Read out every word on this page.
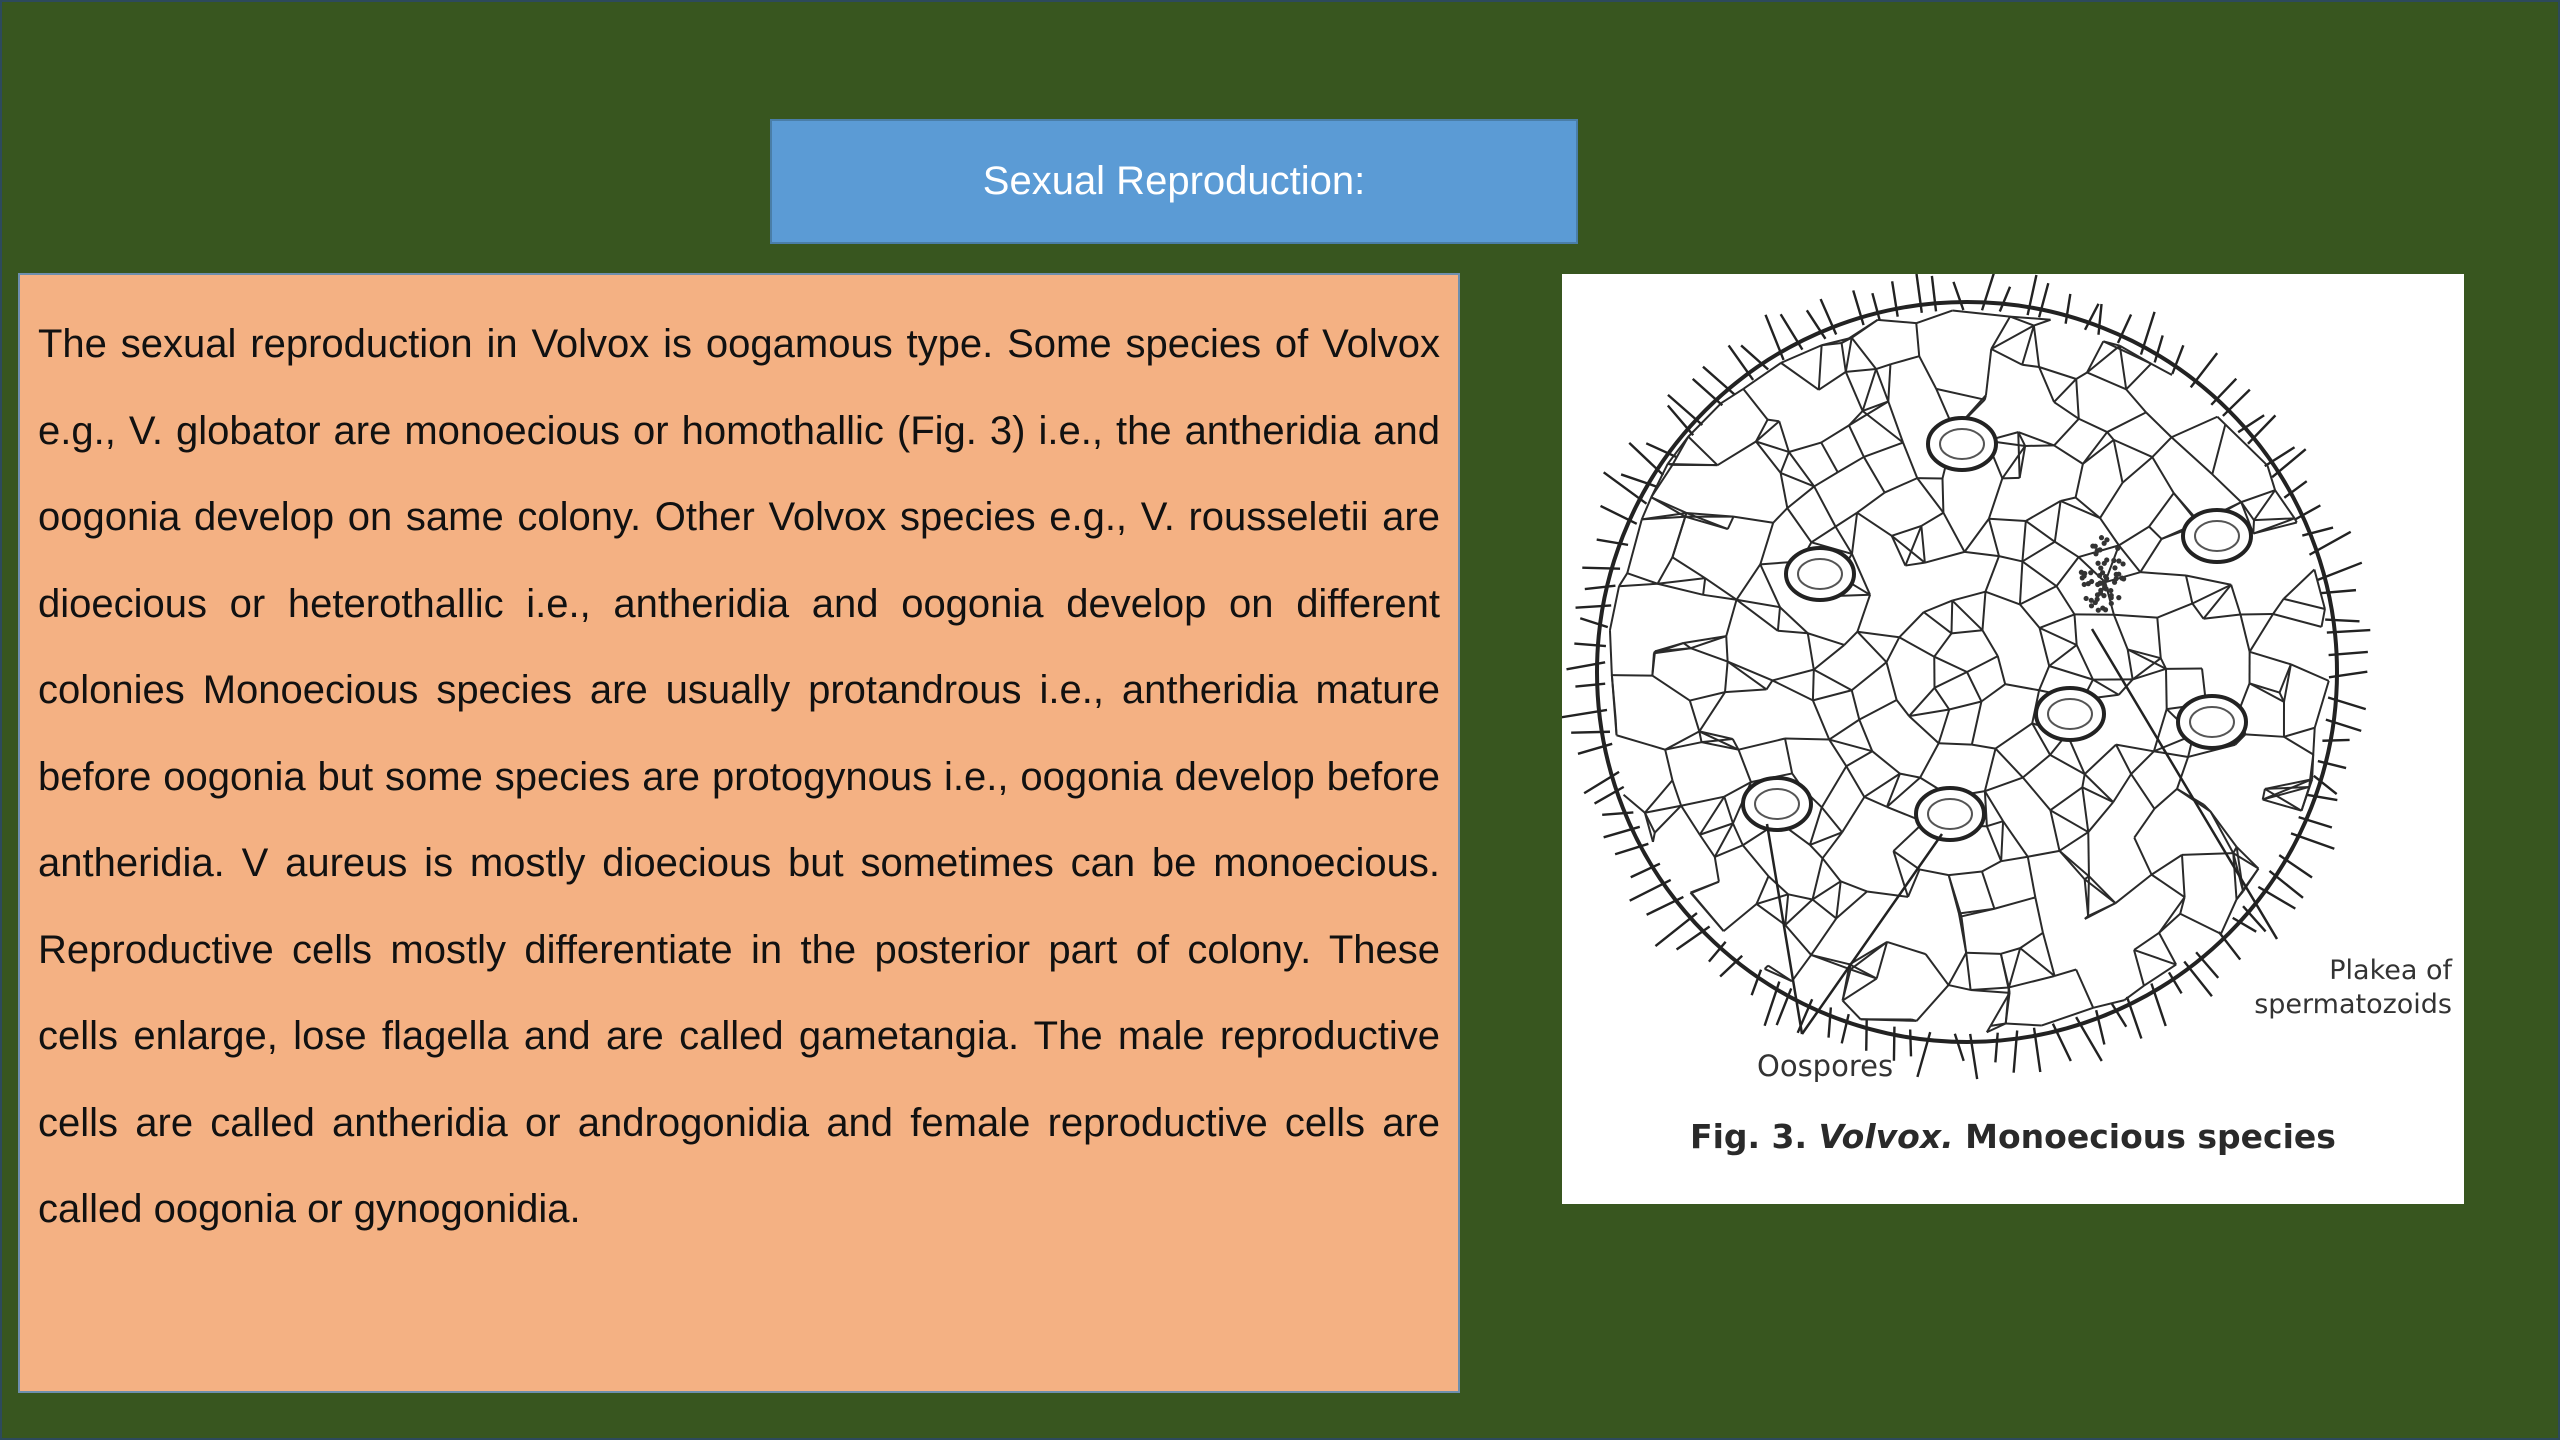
Sexual Reproduction:

The sexual reproduction in Volvox is oogamous type. Some species of Volvox e.g., V. globator are monoecious or homothallic (Fig. 3) i.e., the antheridia and oogonia develop on same colony. Other Volvox species e.g., V. rousseletii are dioecious or heterothallic i.e., antheridia and oogonia develop on different colonies Monoecious species are usually protandrous i.e., antheridia mature before oogonia but some species are protogynous i.e., oogonia develop before antheridia. V aureus is mostly dioecious but sometimes can be monoecious. Reproductive cells mostly differentiate in the posterior part of colony. These cells enlarge, lose flagella and are called gametangia. The male reproductive cells are called antheridia or androgonidia and female reproductive cells are called oogonia or gynogonidia.

Oospores
Plakea of
spermatozoids
Fig. 3. Volvox. Monoecious species
